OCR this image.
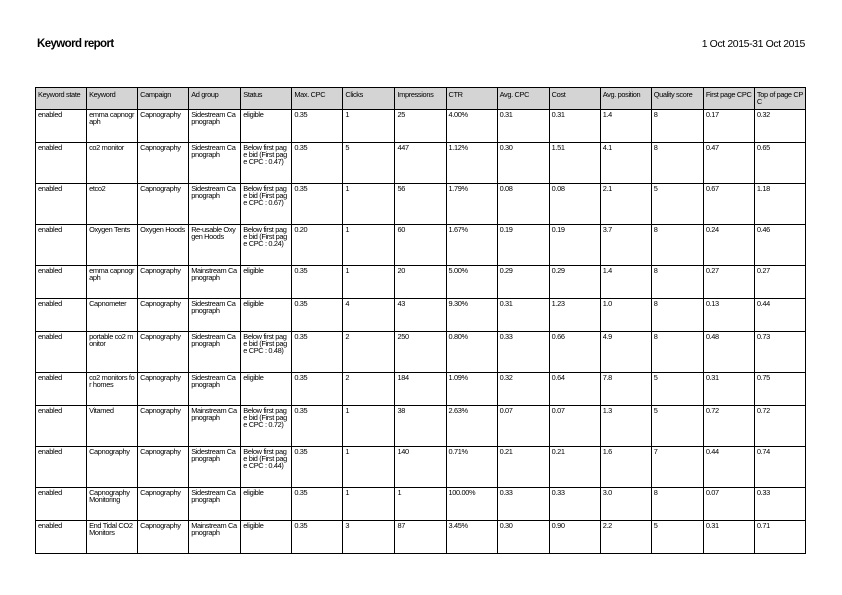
Keyword report	1 Oct 2015-31 Oct 2015
Keyword state	Keyword	Campaign	Ad group	Status	Max. CPC	Clicks	Impressions	CTR	Avg. CPC	Cost	Avg. position	Quality score	First page CPC	Top of page CPC
enabled	emma capnograph	Capnography	Sidestream Capnograph	eligible	0.35	1	25	4.00%	0.31	0.31	1.4	8	0.17	0.32
enabled	co2 monitor	Capnography	Sidestream Capnograph	Below first page bid (First page CPC : 0.47)	0.35	5	447	1.12%	0.30	1.51	4.1	8	0.47	0.65
enabled	etco2	Capnography	Sidestream Capnograph	Below first page bid (First page CPC : 0.67)	0.35	1	56	1.79%	0.08	0.08	2.1	5	0.67	1.18
enabled	Oxygen Tents	Oxygen Hoods	Re-usable Oxygen Hoods	Below first page bid (First page CPC : 0.24)	0.20	1	60	1.67%	0.19	0.19	3.7	8	0.24	0.46
enabled	emma capnograph	Capnography	Mainstream Capnograph	eligible	0.35	1	20	5.00%	0.29	0.29	1.4	8	0.27	0.27
enabled	Capnometer	Capnography	Sidestream Capnograph	eligible	0.35	4	43	9.30%	0.31	1.23	1.0	8	0.13	0.44
enabled	portable co2 monitor	Capnography	Sidestream Capnograph	Below first page bid (First page CPC : 0.48)	0.35	2	250	0.80%	0.33	0.66	4.9	8	0.48	0.73
enabled	co2 monitors for homes	Capnography	Sidestream Capnograph	eligible	0.35	2	184	1.09%	0.32	0.64	7.8	5	0.31	0.75
enabled	Vitamed	Capnography	Mainstream Capnograph	Below first page bid (First page CPC : 0.72)	0.35	1	38	2.63%	0.07	0.07	1.3	5	0.72	0.72
enabled	Capnography	Capnography	Sidestream Capnograph	Below first page bid (First page CPC : 0.44)	0.35	1	140	0.71%	0.21	0.21	1.6	7	0.44	0.74
enabled	Capnography Monitoring	Capnography	Sidestream Capnograph	eligible	0.35	1	1	100.00%	0.33	0.33	3.0	8	0.07	0.33
enabled	End Tidal CO2 Monitors	Capnography	Mainstream Capnograph	eligible	0.35	3	87	3.45%	0.30	0.90	2.2	5	0.31	0.71
